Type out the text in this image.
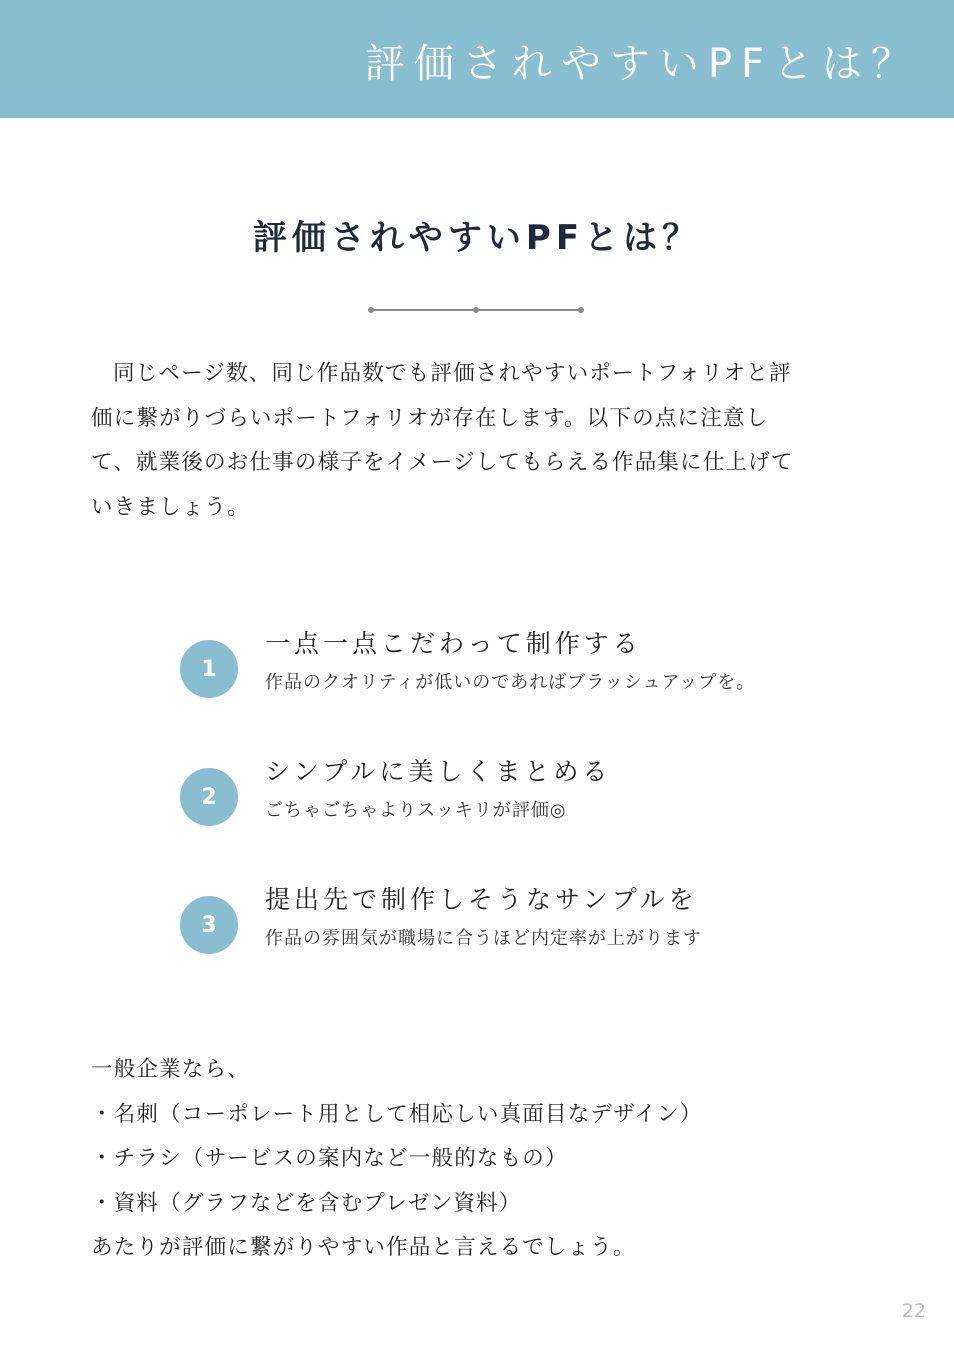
評価されやすいPFとは？
評価されやすいPFとは？

同じページ数、同じ作品数でも評価されやすいポートフォリオと評

価に繋がりづらいポートフォリオが存在します。以下の点に注意し

て、就業後のお仕事の様子をイメージしてもらえる作品集に仕上げて

いきましょう。

1
一点一点こだわって制作する
作品のクオリティが低いのであればブラッシュアップを。
2
シンプルに美しくまとめる
ごちゃごちゃよりスッキリが評価◎
3
提出先で制作しそうなサンプルを
作品の雰囲気が職場に合うほど内定率が上がります

一般企業なら、

・名刺（コーポレート用として相応しい真面目なデザイン）

・チラシ（サービスの案内など一般的なもの）

・資料（グラフなどを含むプレゼン資料）

あたりが評価に繋がりやすい作品と言えるでしょう。

22
